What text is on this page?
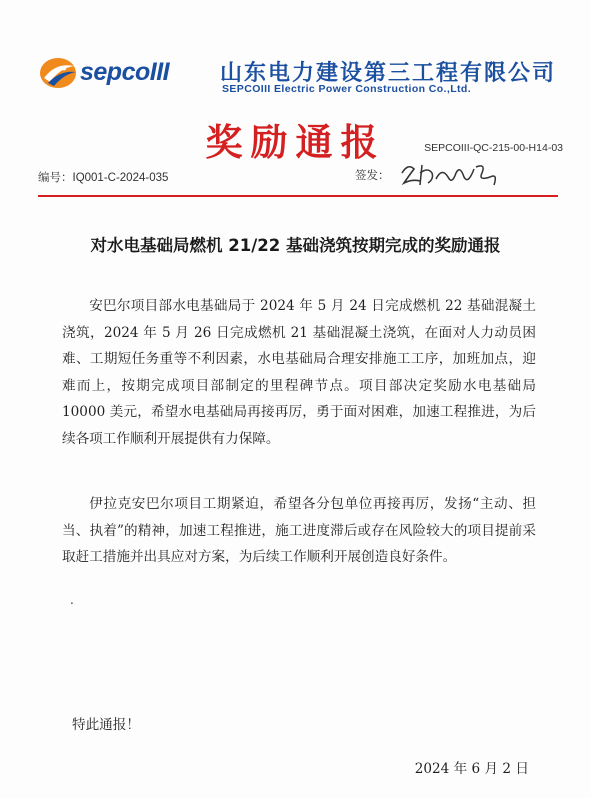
sepcoIII 山东电力建设第三工程有限公司
SEPCOIII Electric Power Construction Co.,Ltd.
奖励通报	SEPCOIII-QC-215-00-H14-03
编号：IQ001-C-2024-035	签发：
对水电基础局燃机 21/22 基础浇筑按期完成的奖励通报

安巴尔项目部水电基础局于 2024 年 5 月 24 日完成燃机 22 基础混凝土浇筑，2024 年 5 月 26 日完成燃机 21 基础混凝土浇筑，在面对人力动员困难、工期短任务重等不利因素，水电基础局合理安排施工工序，加班加点，迎难而上，按期完成项目部制定的里程碑节点。项目部决定奖励水电基础局 10000 美元，希望水电基础局再接再厉，勇于面对困难，加速工程推进，为后续各项工作顺利开展提供有力保障。

伊拉克安巴尔项目工期紧迫，希望各分包单位再接再厉，发扬“主动、担当、执着”的精神，加速工程推进，施工进度滞后或存在风险较大的项目提前采取赶工措施并出具应对方案，为后续工作顺利开展创造良好条件。

.
特此通报！
2024 年 6 月 2 日
